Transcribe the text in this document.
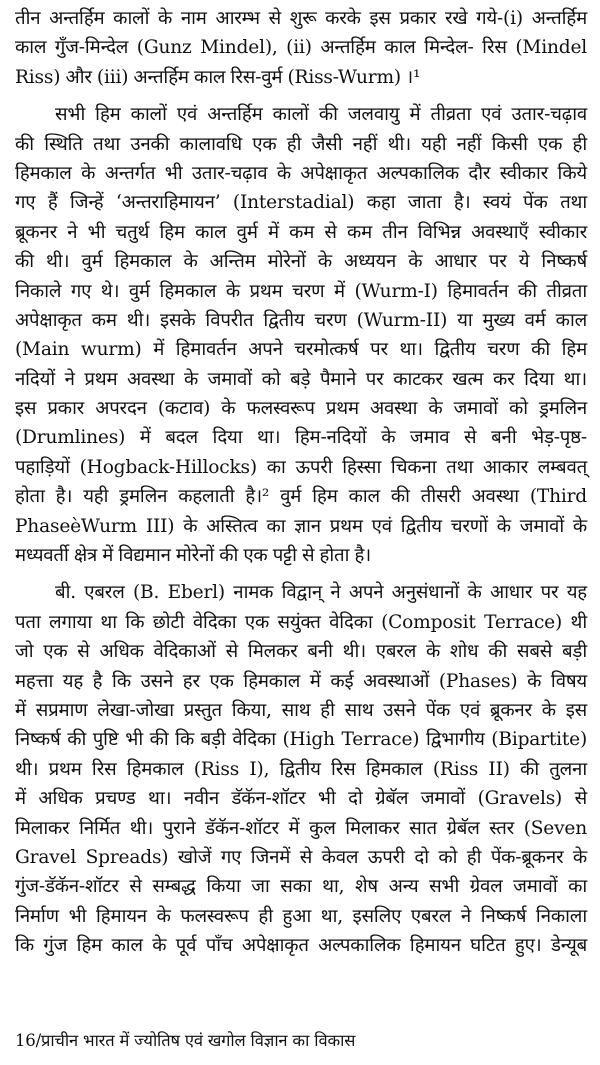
तीन अन्तर्हिम कालों के नाम आरम्भ से शुरू करके इस प्रकार रखे गये-(i) अन्तर्हिम
काल गुँज-मिन्देल (Gunz Mindel), (ii) अन्तर्हिम काल मिन्देल- रिस (Mindel
Riss) और (iii) अन्तर्हिम काल रिस-वुर्म (Riss-Wurm) ।¹
सभी हिम कालों एवं अन्तर्हिम कालों की जलवायु में तीव्रता एवं उतार-चढ़ाव
की स्थिति तथा उनकी कालावधि एक ही जैसी नहीं थी। यही नहीं किसी एक ही
हिमकाल के अन्तर्गत भी उतार-चढ़ाव के अपेक्षाकृत अल्पकालिक दौर स्वीकार किये
गए हैं जिन्हें ‘अन्तराहिमायन’ (Interstadial) कहा जाता है। स्वयं पेंक तथा
ब्रूकनर ने भी चतुर्थ हिम काल वुर्म में कम से कम तीन विभिन्न अवस्थाएँ स्वीकार
की थी। वुर्म हिमकाल के अन्तिम मोरेनों के अध्ययन के आधार पर ये निष्कर्ष
निकाले गए थे। वुर्म हिमकाल के प्रथम चरण में (Wurm-I) हिमावर्तन की तीव्रता
अपेक्षाकृत कम थी। इसके विपरीत द्वितीय चरण (Wurm-II) या मुख्य वर्म काल
(Main wurm) में हिमावर्तन अपने चरमोत्कर्ष पर था। द्वितीय चरण की हिम
नदियों ने प्रथम अवस्था के जमावों को बड़े पैमाने पर काटकर खत्म कर दिया था।
इस प्रकार अपरदन (कटाव) के फलस्वरूप प्रथम अवस्था के जमावों को ड्रमलिन
(Drumlines) में बदल दिया था। हिम-नदियों के जमाव से बनी भेड़-पृष्ठ-
पहाड़ियों (Hogback-Hillocks) का ऊपरी हिस्सा चिकना तथा आकार लम्बवत्
होता है। यही ड्रमलिन कहलाती है।² वुर्म हिम काल की तीसरी अवस्था (Third
PhaseèWurm III) के अस्तित्व का ज्ञान प्रथम एवं द्वितीय चरणों के जमावों के
मध्यवर्ती क्षेत्र में विद्यमान मोरेनों की एक पट्टी से होता है।
बी. एबरल (B. Eberl) नामक विद्वान् ने अपने अनुसंधानों के आधार पर यह
पता लगाया था कि छोटी वेदिका एक सयुंक्त वेदिका (Composit Terrace) थी
जो एक से अधिक वेदिकाओं से मिलकर बनी थी। एबरल के शोध की सबसे बड़ी
महत्ता यह है कि उसने हर एक हिमकाल में कई अवस्थाओं (Phases) के विषय
में सप्रमाण लेखा-जोखा प्रस्तुत किया, साथ ही साथ उसने पेंक एवं ब्रूकनर के इस
निष्कर्ष की पुष्टि भी की कि बड़ी वेदिका (High Terrace) द्विभागीय (Bipartite)
थी। प्रथम रिस हिमकाल (Riss I), द्वितीय रिस हिमकाल (Riss II) की तुलना
में अधिक प्रचण्ड था। नवीन डॅकॅन-शॉटर भी दो ग्रेबॅल जमावों (Gravels) से
मिलाकर निर्मित थी। पुराने डॅकॅन-शॉटर में कुल मिलाकर सात ग्रेबॅल स्तर (Seven
Gravel Spreads) खोजें गए जिनमें से केवल ऊपरी दो को ही पेंक-ब्रूकनर के
गुंज-डॅकॅन-शॉटर से सम्बद्ध किया जा सका था, शेष अन्य सभी ग्रेवल जमावों का
निर्माण भी हिमायन के फलस्वरूप ही हुआ था, इसलिए एबरल ने निष्कर्ष निकाला
कि गुंज हिम काल के पूर्व पाँच अपेक्षाकृत अल्पकालिक हिमायन घटित हुए। डेन्यूब
16/प्राचीन भारत में ज्योतिष एवं खगोल विज्ञान का विकास
